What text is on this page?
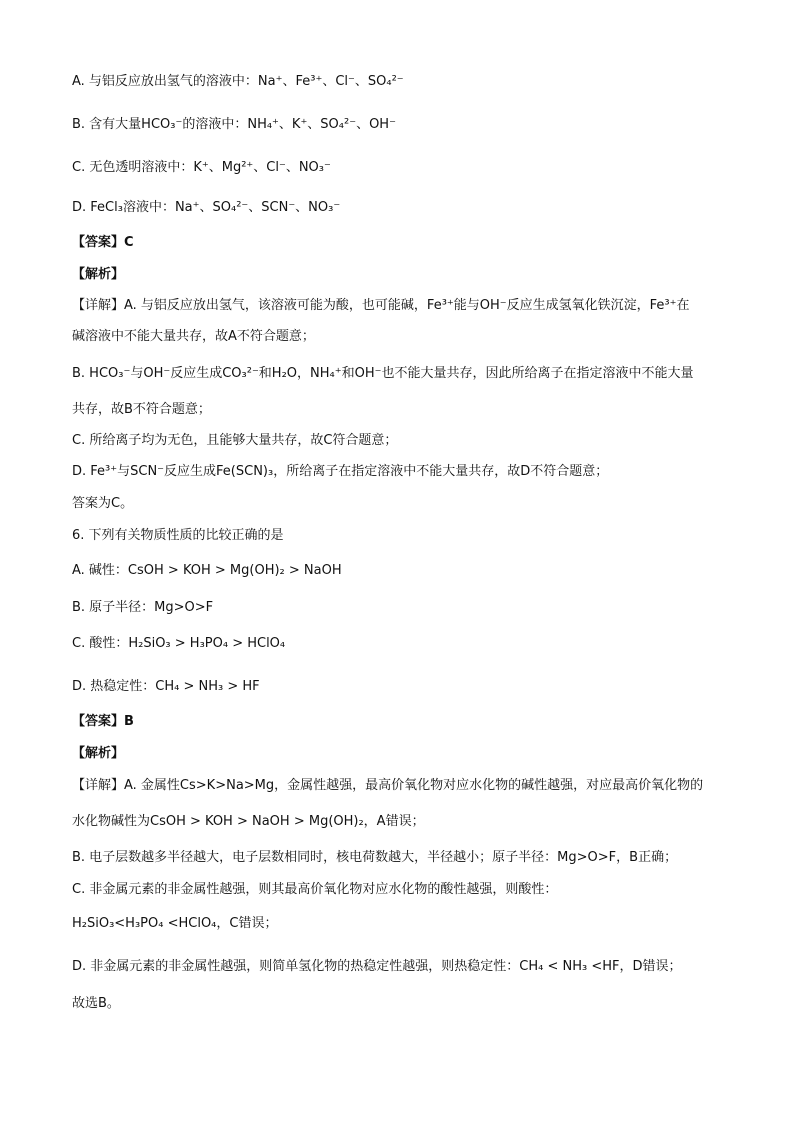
A. 与铝反应放出氢气的溶液中：Na⁺、Fe³⁺、Cl⁻、SO₄²⁻
B. 含有大量HCO₃⁻的溶液中：NH₄⁺、K⁺、SO₄²⁻、OH⁻
C. 无色透明溶液中：K⁺、Mg²⁺、Cl⁻、NO₃⁻
D. FeCl₃溶液中：Na⁺、SO₄²⁻、SCN⁻、NO₃⁻
【答案】C
【解析】
【详解】A. 与铝反应放出氢气，该溶液可能为酸，也可能碱，Fe³⁺能与OH⁻反应生成氢氧化铁沉淀，Fe³⁺在
碱溶液中不能大量共存，故A不符合题意；
B. HCO₃⁻与OH⁻反应生成CO₃²⁻和H₂O，NH₄⁺和OH⁻也不能大量共存，因此所给离子在指定溶液中不能大量
共存，故B不符合题意；
C. 所给离子均为无色，且能够大量共存，故C符合题意；
D. Fe³⁺与SCN⁻反应生成Fe(SCN)₃，所给离子在指定溶液中不能大量共存，故D不符合题意；
答案为C。
6. 下列有关物质性质的比较正确的是
A. 碱性：CsOH > KOH > Mg(OH)₂ > NaOH
B. 原子半径：Mg>O>F
C. 酸性：H₂SiO₃ > H₃PO₄ > HClO₄
D. 热稳定性：CH₄ > NH₃ > HF
【答案】B
【解析】
【详解】A. 金属性Cs>K>Na>Mg，金属性越强，最高价氧化物对应水化物的碱性越强，对应最高价氧化物的
水化物碱性为CsOH > KOH > NaOH > Mg(OH)₂，A错误；
B. 电子层数越多半径越大，电子层数相同时，核电荷数越大，半径越小；原子半径：Mg>O>F，B正确；
C. 非金属元素的非金属性越强，则其最高价氧化物对应水化物的酸性越强，则酸性：
H₂SiO₃<H₃PO₄ <HClO₄，C错误；
D. 非金属元素的非金属性越强，则简单氢化物的热稳定性越强，则热稳定性：CH₄ < NH₃ <HF，D错误；
故选B。
